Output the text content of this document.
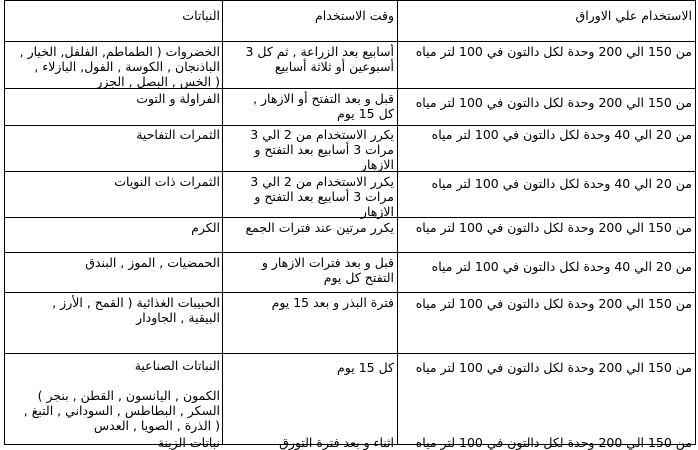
الاستخدام علي الاوراق
وقت الاستخدام
النباتات
من 150 الي 200 وحدة لكل دالتون في 100 لتر مياه
أسابيع بعد الزراعة , ثم كل 3
أسبوعين أو ثلاثة أسابيع
الخضروات ( الطماطم, الفلفل, الخيار ,
الباذنجان , الكوسة , الفول, البازلاء ,
( الخس , البصل , الجزر
من 150 الي 200 وحدة لكل دالتون في 100 لتر مياه
قبل و بعد التفتح أو الازهار ,
كل 15 يوم
الفراولة و التوت
من 20 الي 40 وحدة لكل دالتون في 100 لتر مياه
يكرر الاستخدام من 2 الي 3
مرات 3 أسابيع بعد التفتح و
الازهار
الثمرات التفاحية
من 20 الي 40 وحدة لكل دالتون في 100 لتر مياه
يكرر الاستخدام من 2 الي 3
مرات 3 أسابيع بعد التفتح و
الازهار
الثمرات ذات النويات
من 150 الي 200 وحدة لكل دالتون في 100 لتر مياه
يكرر مرتين عند فترات الجمع
الكرم
من 20 الي 40 وحدة لكل دالتون في 100 لتر مياه
قبل و بعد فترات الازهار و
التفتح كل يوم
الحمضيات , الموز , البندق
من 150 الي 200 وحدة لكل دالتون في 100 لتر مياه
فترة البذر و بعد 15 يوم
الحبيبات الغذائية ( القمح , الأرز ,
البيقية , الجاودار
من 150 الي 200 وحدة لكل دالتون في 100 لتر مياه
كل 15 يوم
النباتات الصناعية

الكمون , اليانسون , القطن , بنجر )
السكر , البطاطس , السوداني , التبغ ,
( الذرة , الصويا , العدس
من 150 الي 200 وحدة لكل دالتون في 100 لتر مياه
اثناء و بعد فترة التورق
نباتات الزينة
